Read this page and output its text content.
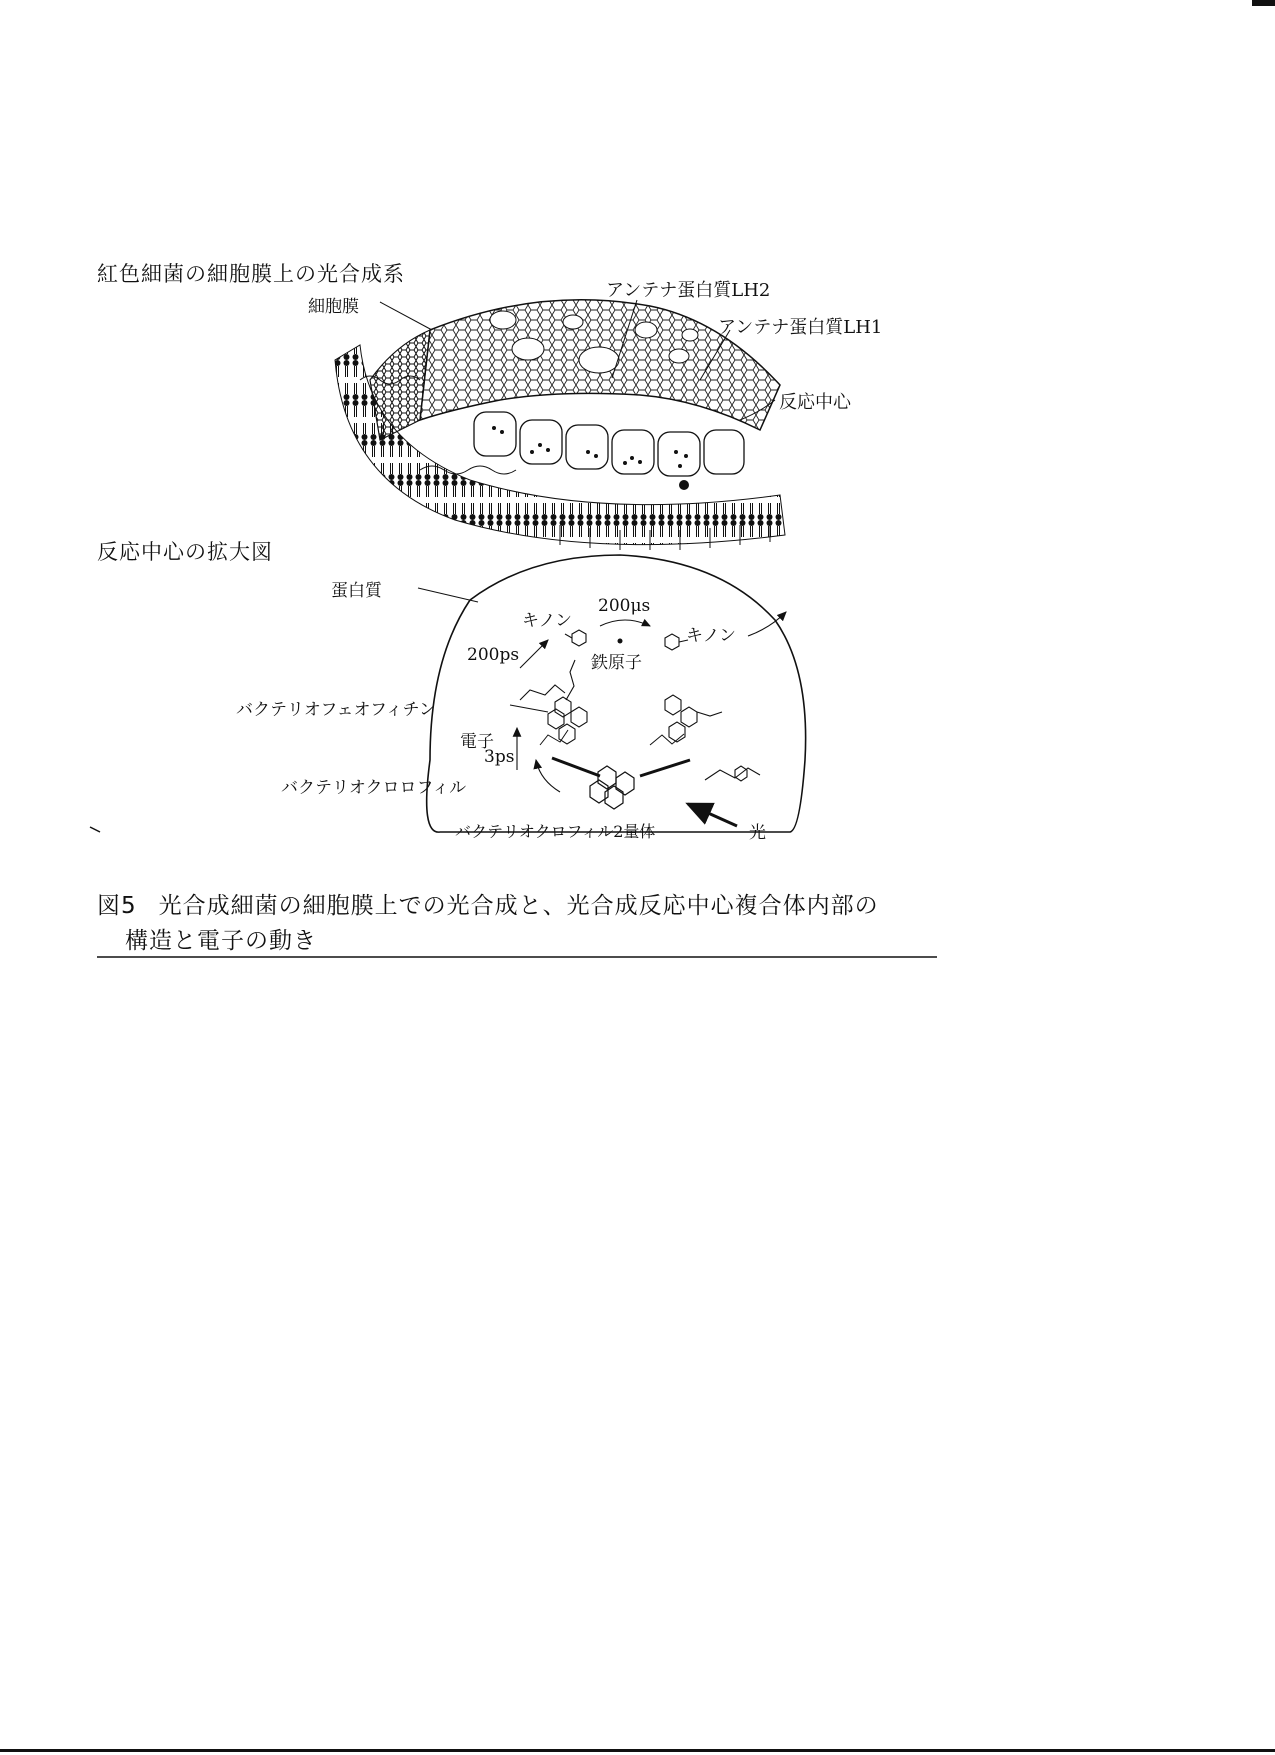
紅色細菌の細胞膜上の光合成系
細胞膜
アンテナ蛋白質LH2
アンテナ蛋白質LH1
反応中心
反応中心の拡大図
蛋白質
キノン
200μs
キノン
200ps	鉄原子
バクテリオフェオフィチン
電子
3ps
バクテリオクロロフィル
バクテリオクロフィル2量体	光
図5 光合成細菌の細胞膜上での光合成と、光合成反応中心複合体内部の
構造と電子の動き
